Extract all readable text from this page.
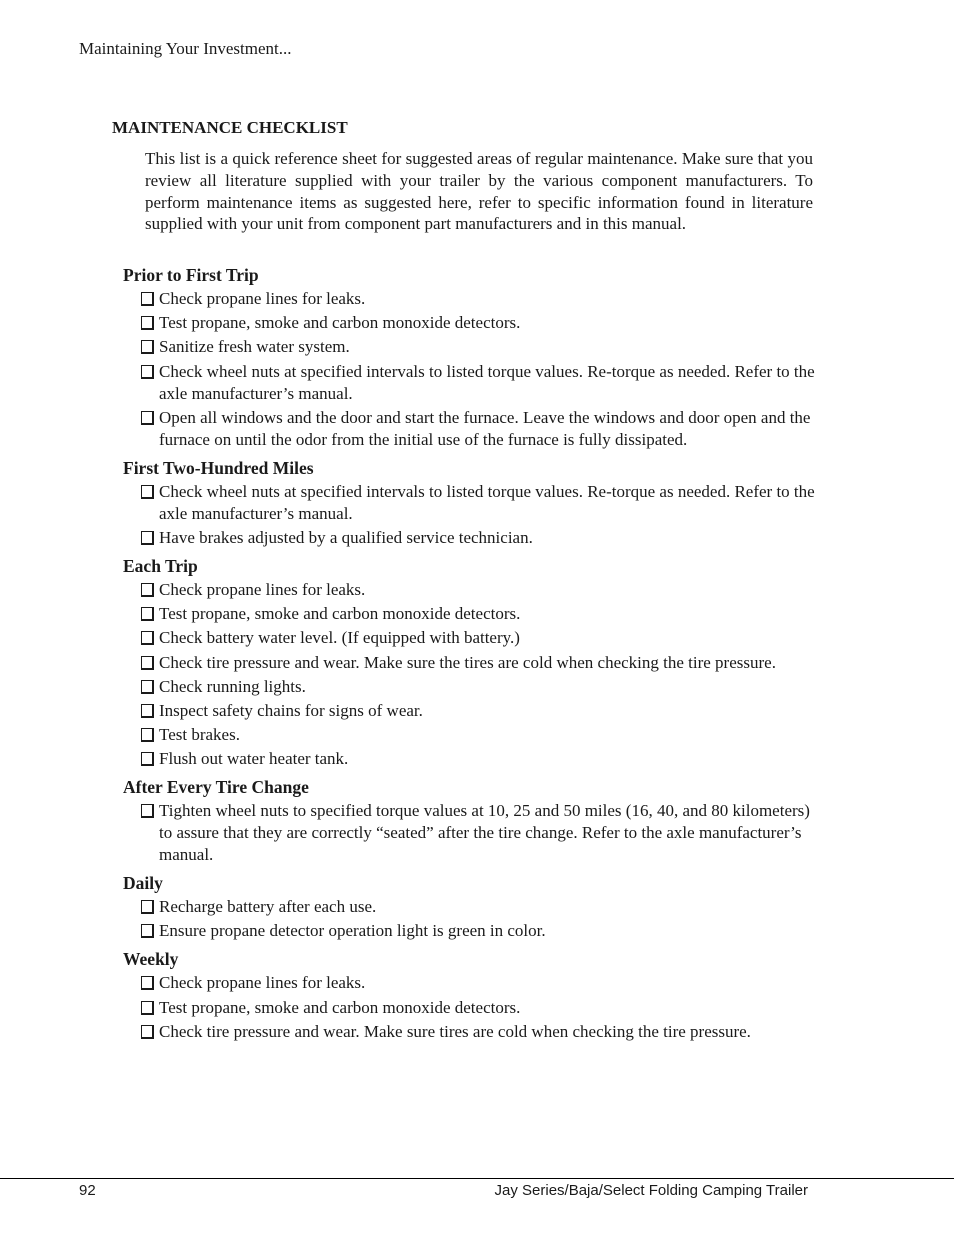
Maintaining Your Investment...
MAINTENANCE CHECKLIST

This list is a quick reference sheet for suggested areas of regular maintenance. Make sure that you review all literature supplied with your trailer by the various component manufacturers. To perform maintenance items as suggested here, refer to specific information found in literature supplied with your unit from component part manufacturers and in this manual.

Prior to First Trip
Check propane lines for leaks.
Test propane, smoke and carbon monoxide detectors.
Sanitize fresh water system.
Check wheel nuts at specified intervals to listed torque values. Re-torque as needed. Refer to the axle manufacturer’s manual.
Open all windows and the door and start the furnace. Leave the windows and door open and the furnace on until the odor from the initial use of the furnace is fully dissipated.
First Two-Hundred Miles
Check wheel nuts at specified intervals to listed torque values. Re-torque as needed. Refer to the axle manufacturer’s manual.
Have brakes adjusted by a qualified service technician.
Each Trip
Check propane lines for leaks.
Test propane, smoke and carbon monoxide detectors.
Check battery water level. (If equipped with battery.)
Check tire pressure and wear. Make sure the tires are cold when checking the tire pressure.
Check running lights.
Inspect safety chains for signs of wear.
Test brakes.
Flush out water heater tank.
After Every Tire Change
Tighten wheel nuts to specified torque values at 10, 25 and 50 miles (16, 40, and 80 kilometers) to assure that they are correctly “seated” after the tire change. Refer to the axle manufacturer’s manual.
Daily
Recharge battery after each use.
Ensure propane detector operation light is green in color.
Weekly
Check propane lines for leaks.
Test propane, smoke and carbon monoxide detectors.
Check tire pressure and wear. Make sure tires are cold when checking the tire pressure.
92	Jay Series/Baja/Select Folding Camping Trailer
